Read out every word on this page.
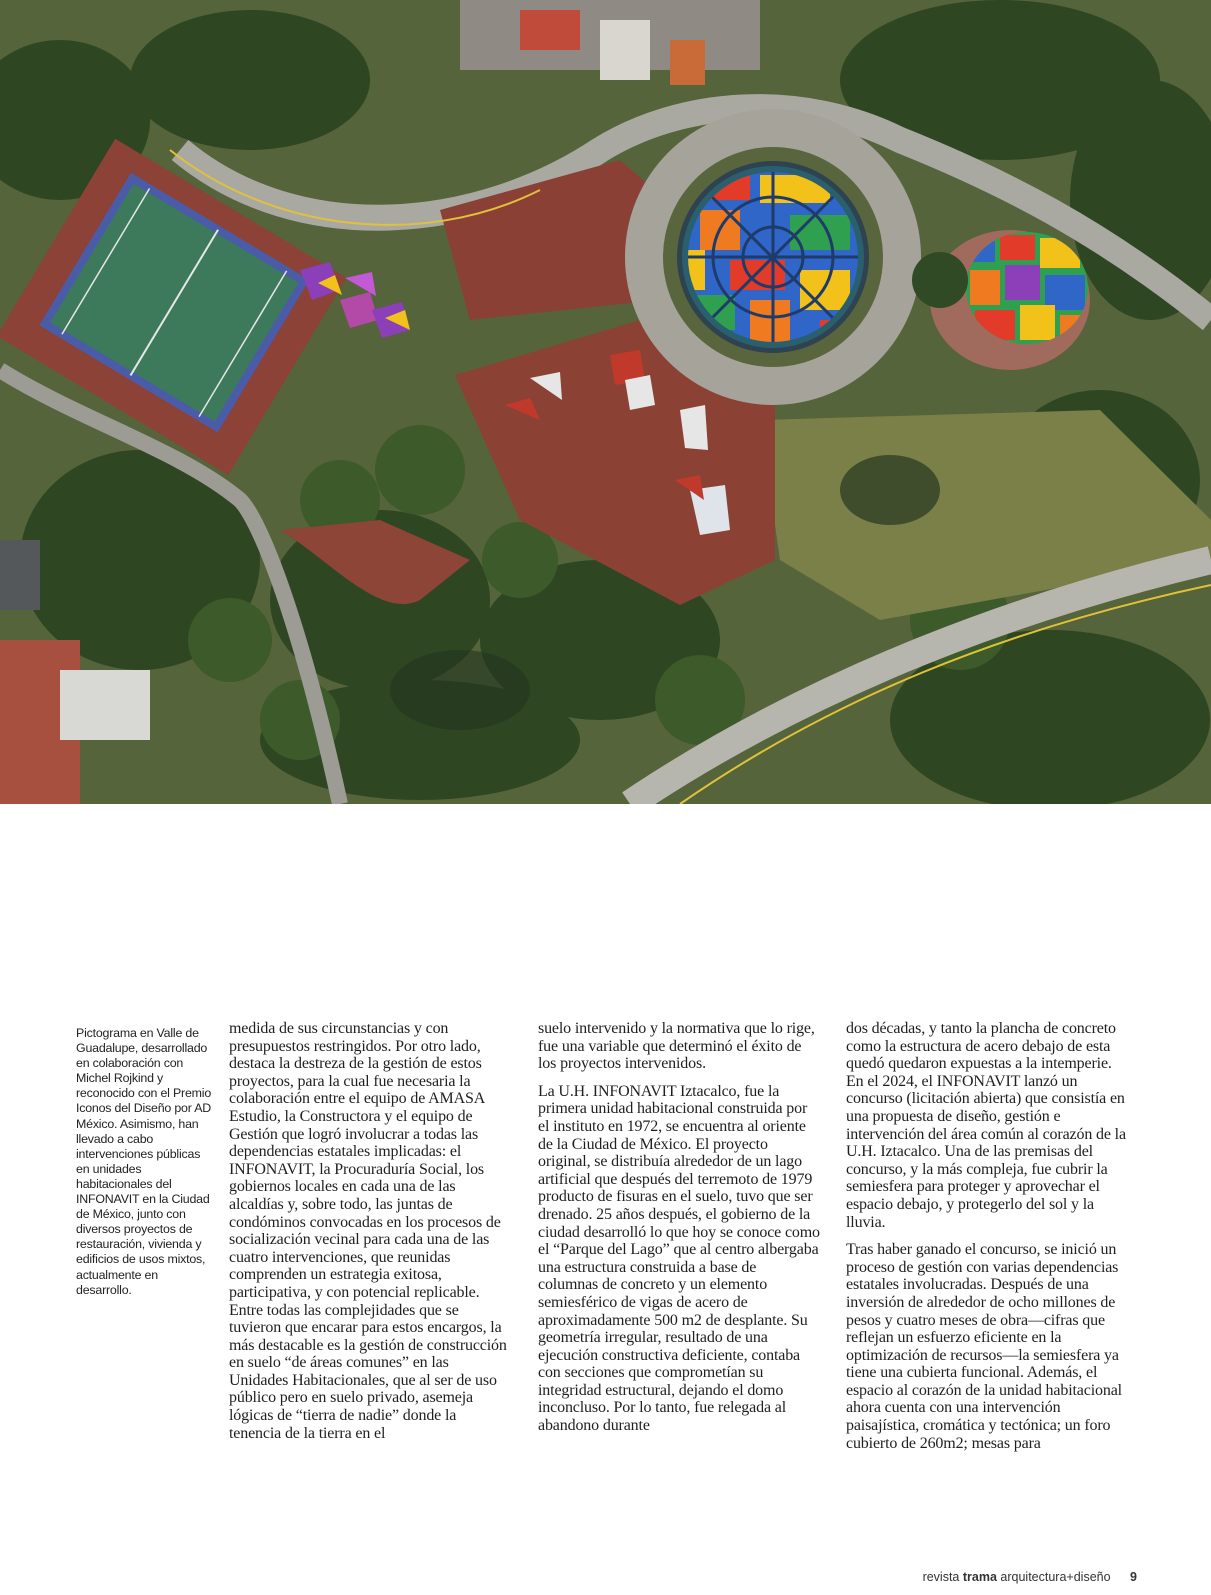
Pictograma en Valle de Guadalupe, desarrollado en colaboración con Michel Rojkind y reconocido con el Premio Iconos del Diseño por AD México. Asimismo, han llevado a cabo intervenciones públicas en unidades habitacionales del INFONAVIT en la Ciudad de México, junto con diversos proyectos de restauración, vivienda y edificios de usos mixtos, actualmente en desarrollo.

medida de sus circunstancias y con presupuestos restringidos. Por otro lado, destaca la destreza de la gestión de estos proyectos, para la cual fue necesaria la colaboración entre el equipo de AMASA Estudio, la Constructora y el equipo de Gestión que logró involucrar a todas las dependencias estatales implicadas: el INFONAVIT, la Procuraduría Social, los gobiernos locales en cada una de las alcaldías y, sobre todo, las juntas de condóminos convocadas en los procesos de socialización vecinal para cada una de las cuatro intervenciones, que reunidas comprenden un estrategia exitosa, participativa, y con potencial replicable. Entre todas las complejidades que se tuvieron que encarar para estos encargos, la más destacable es la gestión de construcción en suelo “de áreas comunes” en las Unidades Habitacionales, que al ser de uso público pero en suelo privado, asemeja lógicas de “tierra de nadie” donde la tenencia de la tierra en el

suelo intervenido y la normativa que lo rige, fue una variable que determinó el éxito de los proyectos intervenidos.

La U.H. INFONAVIT Iztacalco, fue la primera unidad habitacional construida por el instituto en 1972, se encuentra al oriente de la Ciudad de México. El proyecto original, se distribuía alrededor de un lago artificial que después del terremoto de 1979 producto de fisuras en el suelo, tuvo que ser drenado. 25 años después, el gobierno de la ciudad desarrolló lo que hoy se conoce como el “Parque del Lago” que al centro albergaba una estructura construida a base de columnas de concreto y un elemento semiesférico de vigas de acero de aproximadamente 500 m2 de desplante. Su geometría irregular, resultado de una ejecución constructiva deficiente, contaba con secciones que comprometían su integridad estructural, dejando el domo inconcluso. Por lo tanto, fue relegada al abandono durante

dos décadas, y tanto la plancha de concreto como la estructura de acero debajo de esta quedó quedaron expuestas a la intemperie. En el 2024, el INFONAVIT lanzó un concurso (licitación abierta) que consistía en una propuesta de diseño, gestión e intervención del área común al corazón de la U.H. Iztacalco. Una de las premisas del concurso, y la más compleja, fue cubrir la semiesfera para proteger y aprovechar el espacio debajo, y protegerlo del sol y la lluvia.

Tras haber ganado el concurso, se inició un proceso de gestión con varias dependencias estatales involucradas. Después de una inversión de alrededor de ocho millones de pesos y cuatro meses de obra—cifras que reflejan un esfuerzo eficiente en la optimización de recursos—la semiesfera ya tiene una cubierta funcional. Además, el espacio al corazón de la unidad habitacional ahora cuenta con una intervención paisajística, cromática y tectónica; un foro cubierto de 260m2; mesas para

revista trama arquitectura+diseño 9
